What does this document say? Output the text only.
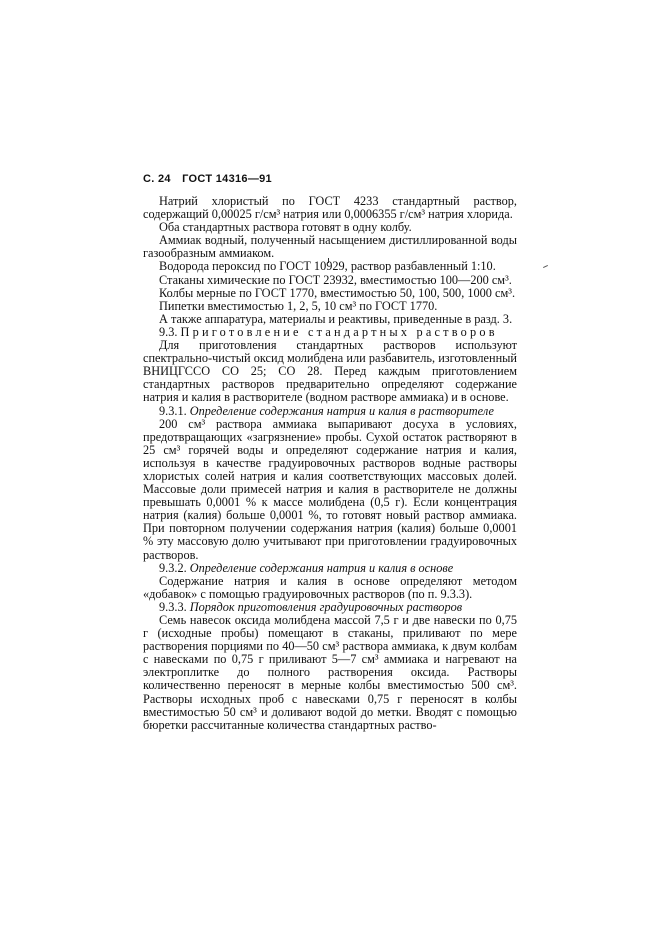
С. 24 ГОСТ 14316—91

Натрий хлористый по ГОСТ 4233 стандартный раствор, содержащий 0,00025 г/см³ натрия или 0,0006355 г/см³ натрия хлорида.

Оба стандартных раствора готовят в одну колбу.

Аммиак водный, полученный насыщением дистиллированной воды газообразным аммиаком.

Водорода пероксид по ГОСТ 10929, раствор разбавленный 1:10.

Стаканы химические по ГОСТ 23932, вместимостью 100—200 см³.

Колбы мерные по ГОСТ 1770, вместимостью 50, 100, 500, 1000 см³.

Пипетки вместимостью 1, 2, 5, 10 см³ по ГОСТ 1770.

А также аппаратура, материалы и реактивы, приведенные в разд. 3.

9.3. Приготовление стандартных растворов

Для приготовления стандартных растворов используют спектрально-чистый оксид молибдена или разбавитель, изготовленный ВНИЦГССО СО 25; СО 28. Перед каждым приготовлением стандартных растворов предварительно определяют содержание натрия и калия в растворителе (водном растворе аммиака) и в основе.

9.3.1. Определение содержания натрия и калия в растворителе

200 см³ раствора аммиака выпаривают досуха в условиях, предотвращающих «загрязнение» пробы. Сухой остаток растворяют в 25 см³ горячей воды и определяют содержание натрия и калия, используя в качестве градуировочных растворов водные растворы хлористых солей натрия и калия соответствующих массовых долей. Массовые доли примесей натрия и калия в растворителе не должны превышать 0,0001 % к массе молибдена (0,5 г). Если концентрация натрия (калия) больше 0,0001 %, то готовят новый раствор аммиака. При повторном получении содержания натрия (калия) больше 0,0001 % эту массовую долю учитывают при приготовлении градуировочных растворов.

9.3.2. Определение содержания натрия и калия в основе

Содержание натрия и калия в основе определяют методом «добавок» с помощью градуировочных растворов (по п. 9.3.3).

9.3.3. Порядок приготовления градуировочных растворов

Семь навесок оксида молибдена массой 7,5 г и две навески по 0,75 г (исходные пробы) помещают в стаканы, приливают по мере растворения порциями по 40—50 см³ раствора аммиака, к двум колбам с навесками по 0,75 г приливают 5—7 см³ аммиака и нагревают на электроплитке до полного растворения оксида. Растворы количественно переносят в мерные колбы вместимостью 500 см³. Растворы исходных проб с навесками 0,75 г переносят в колбы вместимостью 50 см³ и доливают водой до метки. Вводят с помощью бюретки рассчитанные количества стандартных раство-
